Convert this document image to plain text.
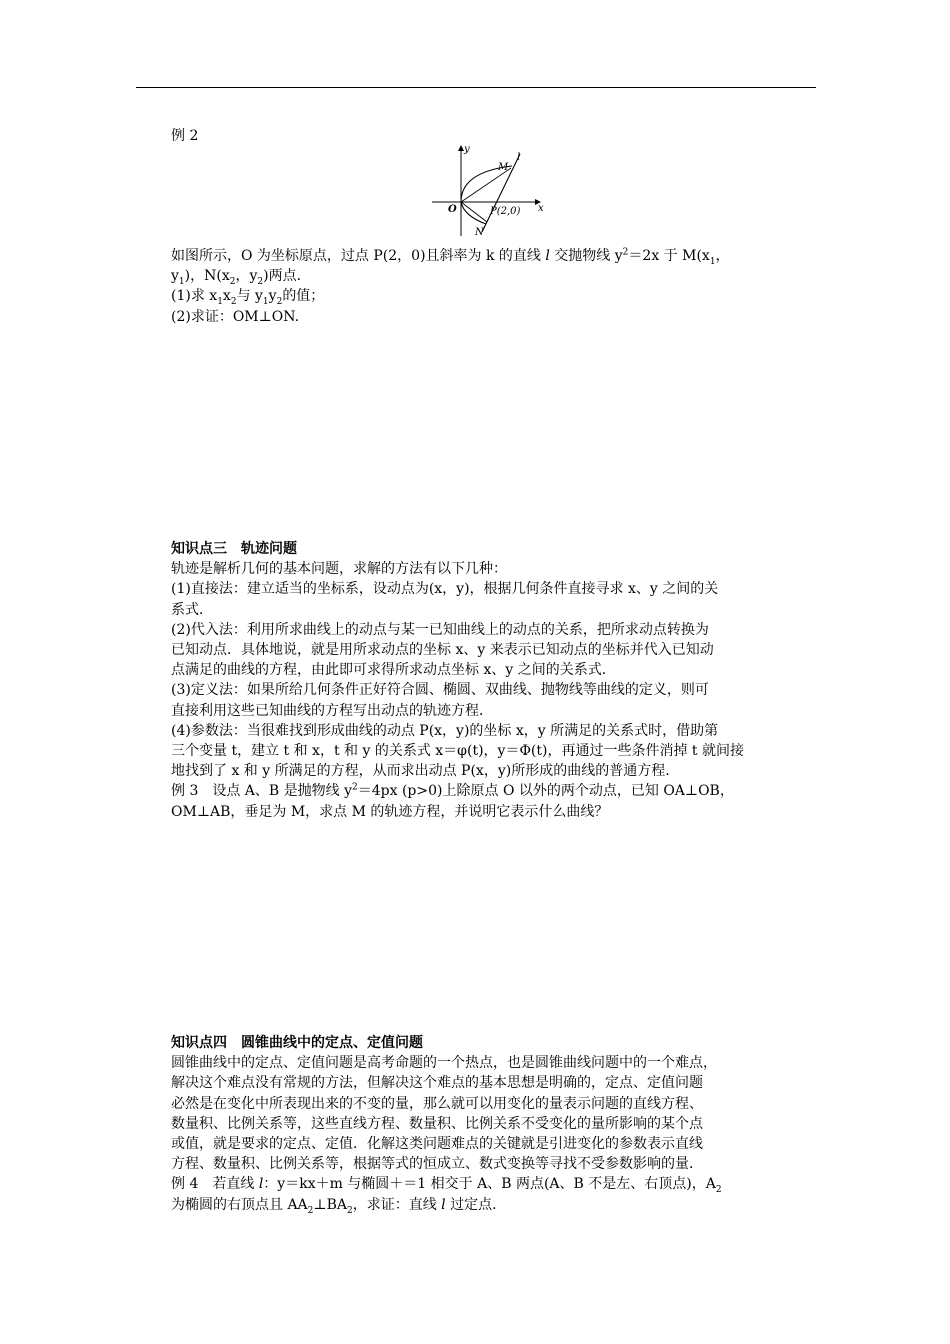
例 2

y
x
O
M
l
P(2,0)
N

如图所示，O 为坐标原点，过点 P(2，0)且斜率为 k 的直线 l 交抛物线 $y^2=2x$ 于 $M(x_1$，

$y_1$)，$N(x_2$，$y_2$)两点．

(1)求 $x_1x_2$与 $y_1y_2$的值；

(2)求证：OM⊥ON.

知识点三　轨迹问题

轨迹是解析几何的基本问题，求解的方法有以下几种：

(1)直接法：建立适当的坐标系，设动点为(x，y)，根据几何条件直接寻求 x、y 之间的关

系式．

(2)代入法：利用所求曲线上的动点与某一已知曲线上的动点的关系，把所求动点转换为

已知动点．具体地说，就是用所求动点的坐标 x、y 来表示已知动点的坐标并代入已知动

点满足的曲线的方程，由此即可求得所求动点坐标 x、y 之间的关系式．

(3)定义法：如果所给几何条件正好符合圆、椭圆、双曲线、抛物线等曲线的定义，则可

直接利用这些已知曲线的方程写出动点的轨迹方程．

(4)参数法：当很难找到形成曲线的动点 P(x，y)的坐标 x，y 所满足的关系式时，借助第

三个变量 t，建立 t 和 x，t 和 y 的关系式 x＝φ(t)，y＝Φ(t)，再通过一些条件消掉 t 就间接

地找到了 x 和 y 所满足的方程，从而求出动点 P(x，y)所形成的曲线的普通方程．

例 3　设点 A、B 是抛物线 $y^2=4px$ (p>0)上除原点 O 以外的两个动点，已知 OA⊥OB，

OM⊥AB，垂足为 M，求点 M 的轨迹方程，并说明它表示什么曲线？

知识点四　圆锥曲线中的定点、定值问题

圆锥曲线中的定点、定值问题是高考命题的一个热点，也是圆锥曲线问题中的一个难点，

解决这个难点没有常规的方法，但解决这个难点的基本思想是明确的，定点、定值问题

必然是在变化中所表现出来的不变的量，那么就可以用变化的量表示问题的直线方程、

数量积、比例关系等，这些直线方程、数量积、比例关系不受变化的量所影响的某个点

或值，就是要求的定点、定值．化解这类问题难点的关键就是引进变化的参数表示直线

方程、数量积、比例关系等，根据等式的恒成立、数式变换等寻找不受参数影响的量．

例 4　若直线 l：y＝kx＋m 与椭圆＋＝1 相交于 A、B 两点(A、B 不是左、右顶点)，$A_2$

为椭圆的右顶点且 $AA_2\perp BA_2$，求证：直线 l 过定点．
